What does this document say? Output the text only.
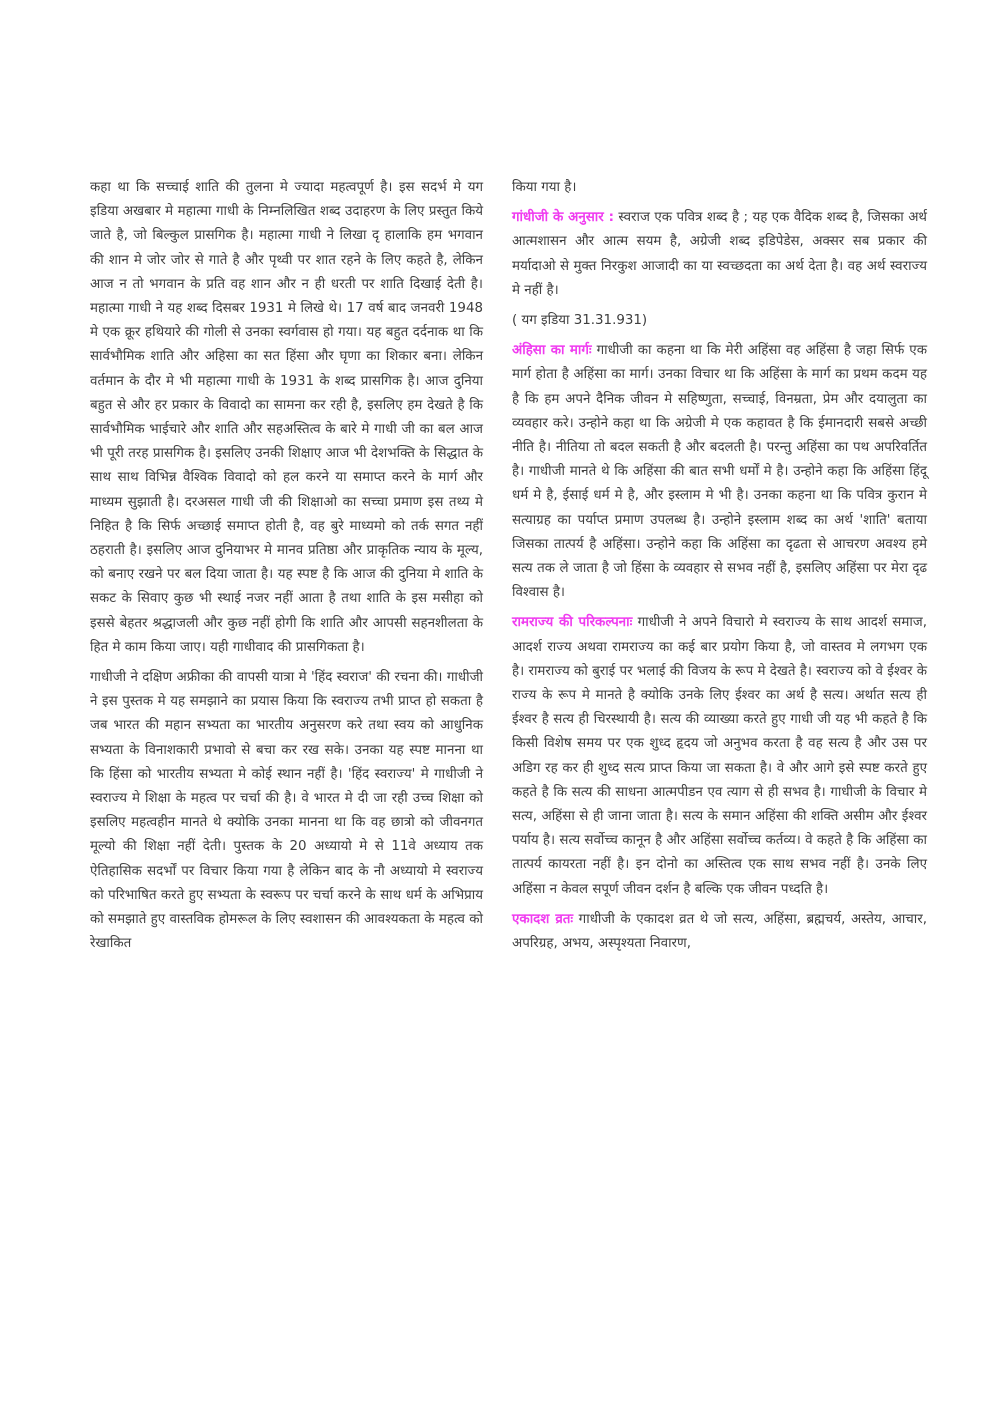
कहा था कि सच्चाई शाति की तुलना मे ज्यादा महत्वपूर्ण है। इस सदर्भ मे यग इडिया अखबार मे महात्मा गाधी के निम्नलिखित शब्द उदाहरण के लिए प्रस्तुत किये जाते है, जो बिल्कुल प्रासगिक है। महात्मा गाधी ने लिखा दृ हालाकि हम भगवान की शान मे जोर जोर से गाते है और पृथ्वी पर शात रहने के लिए कहते है, लेकिन आज न तो भगवान के प्रति वह शान और न ही धरती पर शाति दिखाई देती है। महात्मा गाधी ने यह शब्द दिसबर 1931 मे लिखे थे। 17 वर्ष बाद जनवरी 1948 मे एक क्रूर हथियारे की गोली से उनका स्वर्गवास हो गया। यह बहुत दर्दनाक था कि सार्वभौमिक शाति और अहिसा का सत हिंसा और घृणा का शिकार बना। लेकिन वर्तमान के दौर मे भी महात्मा गाधी के 1931 के शब्द प्रासगिक है। आज दुनिया बहुत से और हर प्रकार के विवादो का सामना कर रही है, इसलिए हम देखते है कि सार्वभौमिक भाईचारे और शाति और सहअस्तित्व के बारे मे गाधी जी का बल आज भी पूरी तरह प्रासगिक है। इसलिए उनकी शिक्षाए आज भी देशभक्ति के सिद्धात के साथ साथ विभिन्न वैश्विक विवादो को हल करने या समाप्त करने के मार्ग और माध्यम सुझाती है। दरअसल गाधी जी की शिक्षाओ का सच्चा प्रमाण इस तथ्य मे निहित है कि सिर्फ अच्छाई समाप्त होती है, वह बुरे माध्यमो को तर्क सगत नहीं ठहराती है। इसलिए आज दुनियाभर मे मानव प्रतिष्ठा और प्राकृतिक न्याय के मूल्य, को बनाए रखने पर बल दिया जाता है। यह स्पष्ट है कि आज की दुनिया मे शाति के सकट के सिवाए कुछ भी स्थाई नजर नहीं आता है तथा शाति के इस मसीहा को इससे बेहतर श्रद्धाजली और कुछ नहीं होगी कि शाति और आपसी सहनशीलता के हित मे काम किया जाए। यही गाधीवाद की प्रासगिकता है।

गाधीजी ने दक्षिण अफ्रीका की वापसी यात्रा मे 'हिंद स्वराज' की रचना की। गाधीजी ने इस पुस्तक मे यह समझाने का प्रयास किया कि स्वराज्य तभी प्राप्त हो सकता है जब भारत की महान सभ्यता का भारतीय अनुसरण करे तथा स्वय को आधुनिक सभ्यता के विनाशकारी प्रभावो से बचा कर रख सके। उनका यह स्पष्ट मानना था कि हिंसा को भारतीय सभ्यता मे कोई स्थान नहीं है। 'हिंद स्वराज्य' मे गाधीजी ने स्वराज्य मे शिक्षा के महत्व पर चर्चा की है। वे भारत मे दी जा रही उच्च शिक्षा को इसलिए महत्वहीन मानते थे क्योकि उनका मानना था कि वह छात्रो को जीवनगत मूल्यो की शिक्षा नहीं देती। पुस्तक के 20 अध्यायो मे से 11वे अध्याय तक ऐतिहासिक सदर्भों पर विचार किया गया है लेकिन बाद के नौ अध्यायो मे स्वराज्य को परिभाषित करते हुए सभ्यता के स्वरूप पर चर्चा करने के साथ धर्म के अभिप्राय को समझाते हुए वास्तविक होमरूल के लिए स्वशासन की आवश्यकता के महत्व को रेखाकित

किया गया है।

गांधीजी के अनुसार : स्वराज एक पवित्र शब्द है ; यह एक वैदिक शब्द है, जिसका अर्थ आत्मशासन और आत्म सयम है, अग्रेजी शब्द इडिपेडेस, अक्सर सब प्रकार की मर्यादाओ से मुक्त निरकुश आजादी का या स्वच्छदता का अर्थ देता है। वह अर्थ स्वराज्य मे नहीं है।

( यग इडिया 31.31.931)

अंहिसा का मार्गः गाधीजी का कहना था कि मेरी अहिंसा वह अहिंसा है जहा सिर्फ एक मार्ग होता है अहिंसा का मार्ग। उनका विचार था कि अहिंसा के मार्ग का प्रथम कदम यह है कि हम अपने दैनिक जीवन मे सहिष्णुता, सच्चाई, विनम्रता, प्रेम और दयालुता का व्यवहार करे। उन्होने कहा था कि अग्रेजी मे एक कहावत है कि ईमानदारी सबसे अच्छी नीति है। नीतिया तो बदल सकती है और बदलती है। परन्तु अहिंसा का पथ अपरिवर्तित है। गाधीजी मानते थे कि अहिंसा की बात सभी धर्मों मे है। उन्होने कहा कि अहिंसा हिंदू धर्म मे है, ईसाई धर्म मे है, और इस्लाम मे भी है। उनका कहना था कि पवित्र कुरान मे सत्याग्रह का पर्याप्त प्रमाण उपलब्ध है। उन्होने इस्लाम शब्द का अर्थ 'शाति' बताया जिसका तात्पर्य है अहिंसा। उन्होने कहा कि अहिंसा का दृढता से आचरण अवश्य हमे सत्य तक ले जाता है जो हिंसा के व्यवहार से सभव नहीं है, इसलिए अहिंसा पर मेरा दृढ विश्वास है।

रामराज्य की परिकल्पनाः गाधीजी ने अपने विचारो मे स्वराज्य के साथ आदर्श समाज, आदर्श राज्य अथवा रामराज्य का कई बार प्रयोग किया है, जो वास्तव मे लगभग एक है। रामराज्य को बुराई पर भलाई की विजय के रूप मे देखते है। स्वराज्य को वे ईश्वर के राज्य के रूप मे मानते है क्योकि उनके लिए ईश्वर का अर्थ है सत्य। अर्थात सत्य ही ईश्वर है सत्य ही चिरस्थायी है। सत्य की व्याख्या करते हुए गाधी जी यह भी कहते है कि किसी विशेष समय पर एक शुध्द हृदय जो अनुभव करता है वह सत्य है और उस पर अडिग रह कर ही शुध्द सत्य प्राप्त किया जा सकता है। वे और आगे इसे स्पष्ट करते हुए कहते है कि सत्य की साधना आत्मपीडन एव त्याग से ही सभव है। गाधीजी के विचार मे सत्य, अहिंसा से ही जाना जाता है। सत्य के समान अहिंसा की शक्ति असीम और ईश्वर पर्याय है। सत्य सर्वोच्च कानून है और अहिंसा सर्वोच्च कर्तव्य। वे कहते है कि अहिंसा का तात्पर्य कायरता नहीं है। इन दोनो का अस्तित्व एक साथ सभव नहीं है। उनके लिए अहिंसा न केवल सपूर्ण जीवन दर्शन है बल्कि एक जीवन पध्दति है।

एकादश व्रतः गाधीजी के एकादश व्रत थे जो सत्य, अहिंसा, ब्रह्मचर्य, अस्तेय, आचार, अपरिग्रह, अभय, अस्पृश्यता निवारण,
